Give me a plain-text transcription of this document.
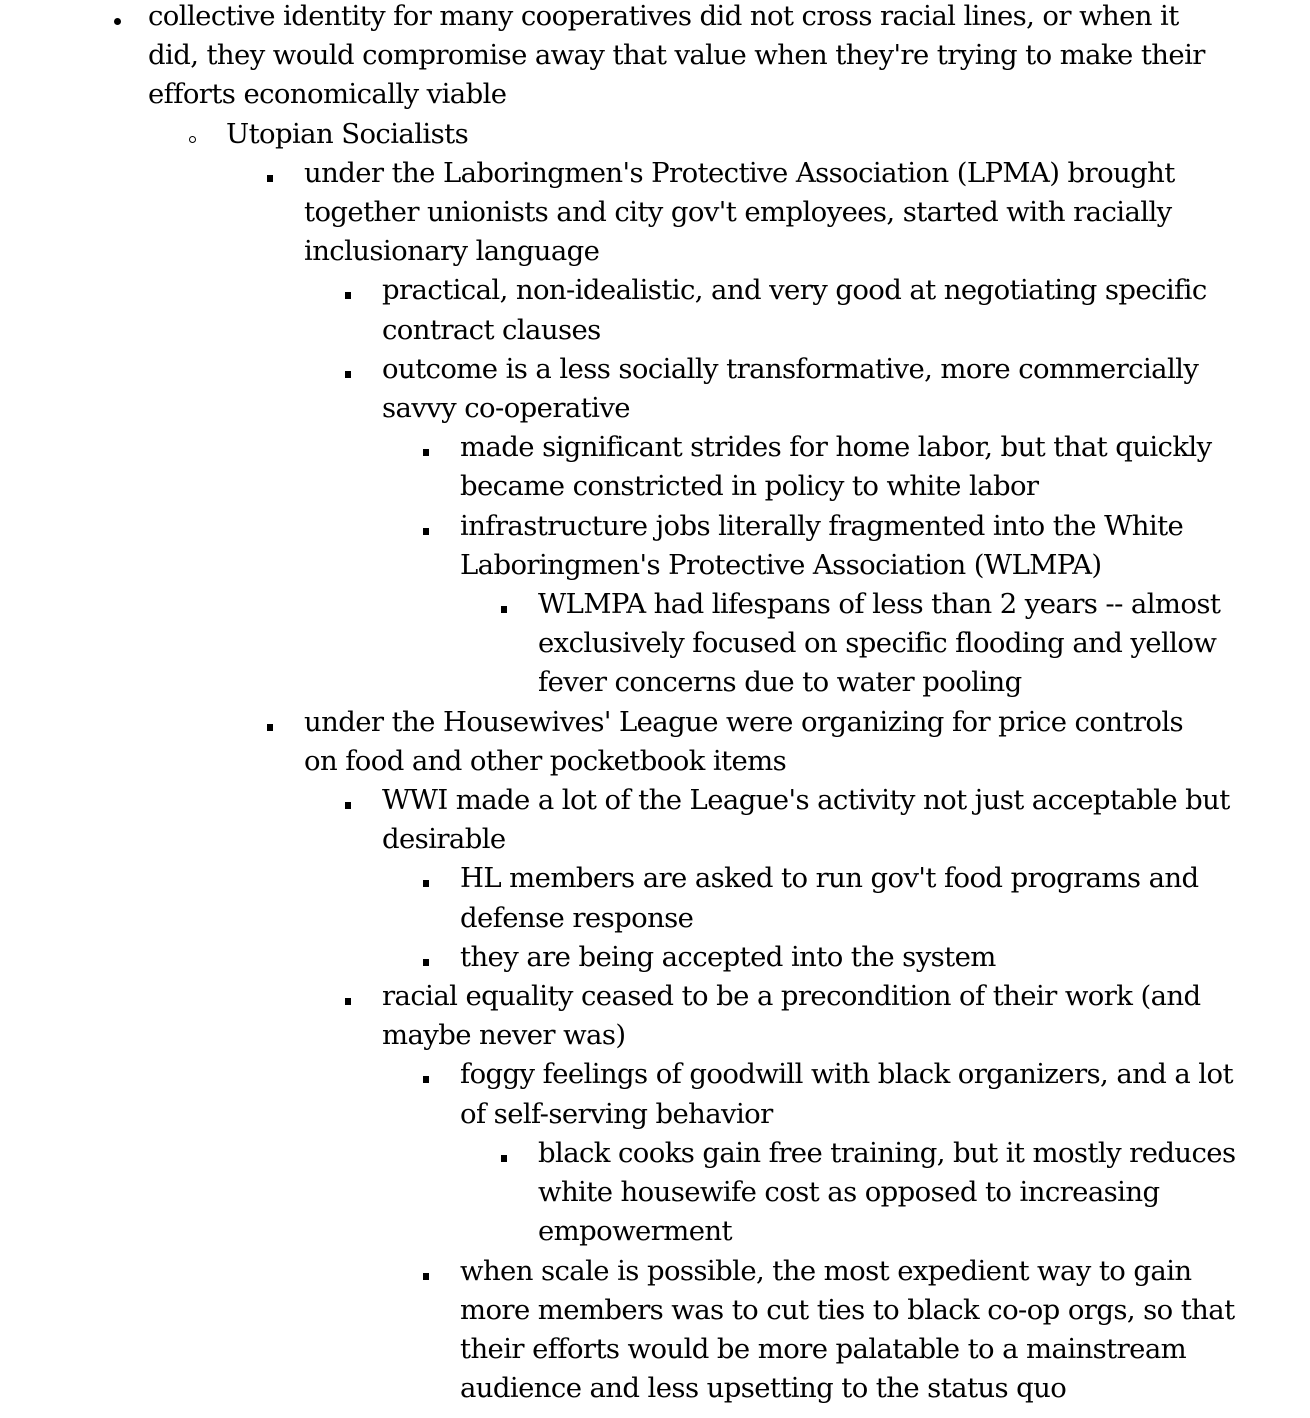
collective identity for many cooperatives did not cross racial lines, or when it did, they would compromise away that value when they're trying to make their efforts economically viable
Utopian Socialists
under the Laboringmen's Protective Association (LPMA) brought together unionists and city gov't employees, started with racially inclusionary language
practical, non-idealistic, and very good at negotiating specific contract clauses
outcome is a less socially transformative, more commercially savvy co-operative
made significant strides for home labor, but that quickly became constricted in policy to white labor
infrastructure jobs literally fragmented into the White Laboringmen's Protective Association (WLMPA)
WLMPA had lifespans of less than 2 years -- almost exclusively focused on specific flooding and yellow fever concerns due to water pooling
under the Housewives' League were organizing for price controls on food and other pocketbook items
WWI made a lot of the League's activity not just acceptable but desirable
HL members are asked to run gov't food programs and defense response
they are being accepted into the system
racial equality ceased to be a precondition of their work (and maybe never was)
foggy feelings of goodwill with black organizers, and a lot of self-serving behavior
black cooks gain free training, but it mostly reduces white housewife cost as opposed to increasing empowerment
when scale is possible, the most expedient way to gain more members was to cut ties to black co-op orgs, so that their efforts would be more palatable to a mainstream audience and less upsetting to the status quo
